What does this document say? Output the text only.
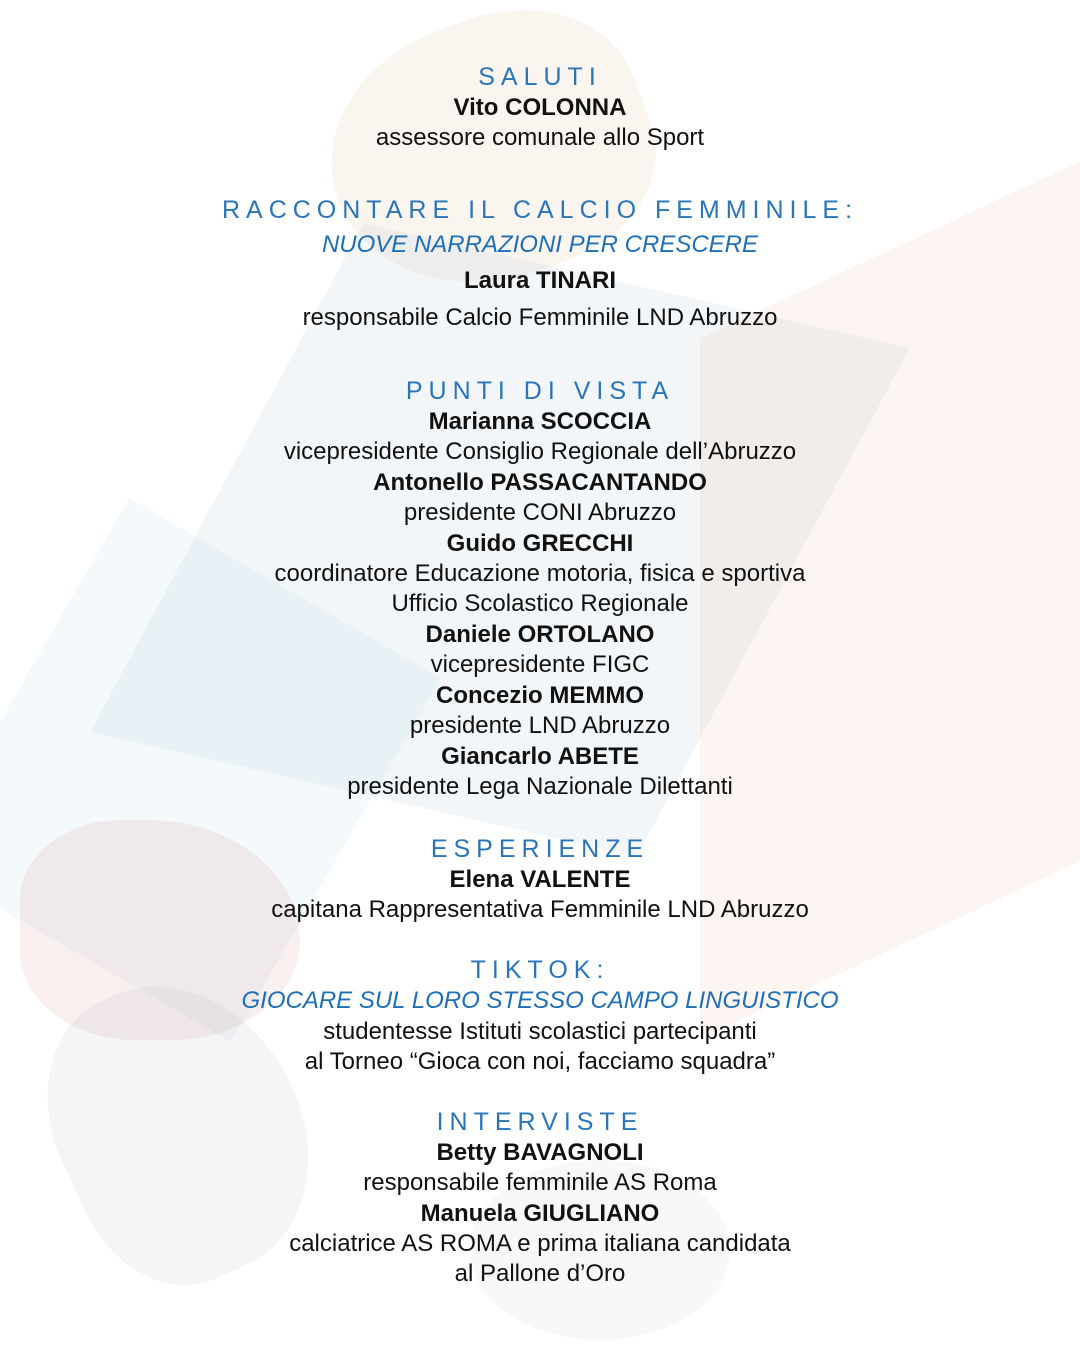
SALUTI

Vito COLONNA

assessore comunale allo Sport

RACCONTARE IL CALCIO FEMMINILE:

NUOVE NARRAZIONI PER CRESCERE

Laura TINARI

responsabile Calcio Femminile LND Abruzzo

PUNTI DI VISTA

Marianna SCOCCIA

vicepresidente Consiglio Regionale dell’Abruzzo

Antonello PASSACANTANDO

presidente CONI Abruzzo

Guido GRECCHI

coordinatore Educazione motoria, fisica e sportiva

Ufficio Scolastico Regionale

Daniele ORTOLANO

vicepresidente FIGC

Concezio MEMMO

presidente LND Abruzzo

Giancarlo ABETE

presidente Lega Nazionale Dilettanti

ESPERIENZE

Elena VALENTE

capitana Rappresentativa Femminile LND Abruzzo

TIKTOK:

GIOCARE SUL LORO STESSO CAMPO LINGUISTICO

studentesse Istituti scolastici partecipanti

al Torneo “Gioca con noi, facciamo squadra”

INTERVISTE

Betty BAVAGNOLI

responsabile femminile AS Roma

Manuela GIUGLIANO

calciatrice AS ROMA e prima italiana candidata

al Pallone d’Oro
